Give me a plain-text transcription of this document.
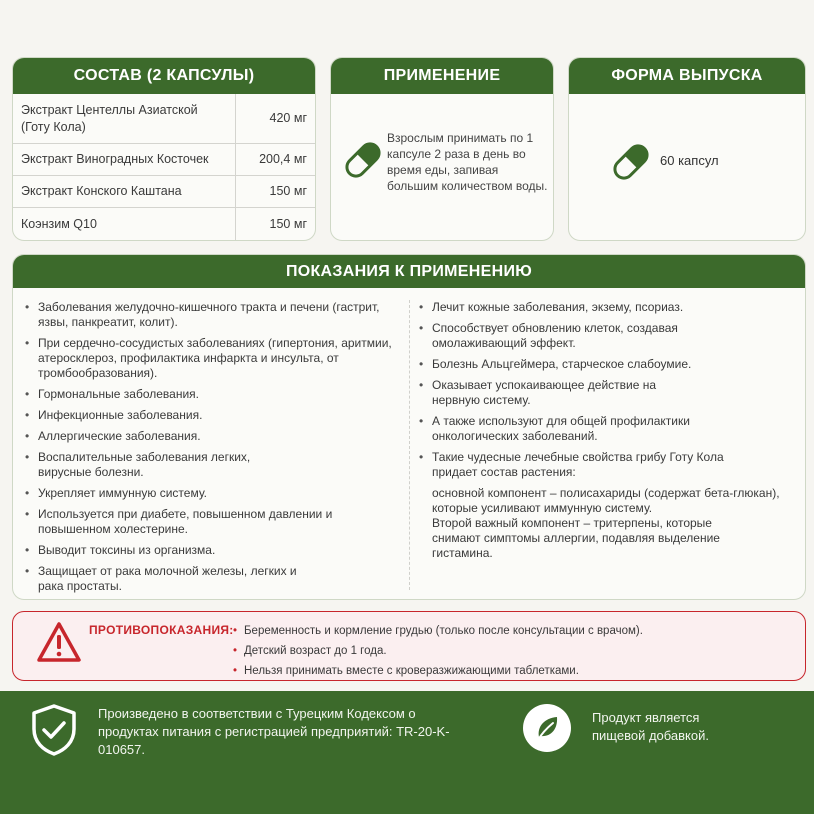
СОСТАВ (2 КАПСУЛЫ)
Экстракт Центеллы Азиатской (Готу Кола)	420 мг
Экстракт Виноградных Косточек	200,4 мг
Экстракт Конского Каштана	150 мг
Коэнзим Q10	150 мг
ПРИМЕНЕНИЕ
Взрослым принимать по 1 капсуле 2 раза в день во время еды, запивая большим количеством воды.
ФОРМА ВЫПУСКА
60 капсул
ПОКАЗАНИЯ К ПРИМЕНЕНИЮ
• Заболевания желудочно-кишечного тракта и печени (гастрит, язвы, панкреатит, колит).
• При сердечно-сосудистых заболеваниях (гипертония, аритмии, атеросклероз, профилактика инфаркта и инсульта, от тромбообразования).
• Гормональные заболевания.
• Инфекционные заболевания.
• Аллергические заболевания.
• Воспалительные заболевания легких, вирусные болезни.
• Укрепляет иммунную систему.
• Используется при диабете, повышенном давлении и повышенном холестерине.
• Выводит токсины из организма.
• Защищает от рака молочной железы, легких и рака простаты.
• Лечит кожные заболевания, экзему, псориаз.
• Способствует обновлению клеток, создавая омолаживающий эффект.
• Болезнь Альцгеймера, старческое слабоумие.
• Оказывает успокаивающее действие на нервную систему.
• А также используют для общей профилактики онкологических заболеваний.
• Такие чудесные лечебные свойства грибу Готу Кола придает состав растения:
основной компонент – полисахариды (содержат бета-глюкан), которые усиливают иммунную систему.
Второй важный компонент – тритерпены, которые снимают симптомы аллергии, подавляя выделение гистамина.
ПРОТИВОПОКАЗАНИЯ: • Беременность и кормление грудью (только после консультации с врачом).
• Детский возраст до 1 года.
• Нельзя принимать вместе с кроверазжижающими таблетками.
Произведено в соответствии с Турецким Кодексом о продуктах питания с регистрацией предприятий: TR-20-K-010657.
Продукт является пищевой добавкой.
